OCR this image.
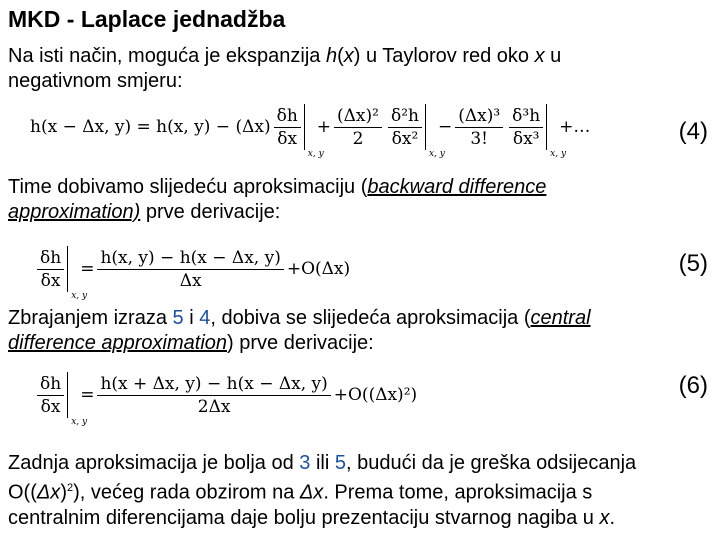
MKD - Laplace jednadžba
Na isti način, moguća je ekspanzija h(x) u Taylorov red oko x u
negativnom smjeru:
h(x − Δx, y) = h(x, $y) - (\Delta x) \frac{\delta h}{\delta x}$
x, y
+ $\frac{\text{(Δx)²}}{2} \frac{\text{δ²h}}{\text{δx²}}$
x, y
− $\frac{\text{(Δx)³}}{3!} \frac{\text{δ³h}}{\text{δx³}}$
x, y
+…	(4)
Time dobivamo slijedeću aproksimaciju (backward difference approximation) prve derivacije:
$\frac{\delta h}{\delta x}$
x, y
= $\frac{h(x, y) - h(x - \Delta x, y)}{\Delta x} +O(\Delta x)$	(5)
Zbrajanjem izraza 5 i 4, dobiva se slijedeća aproksimacija (central
difference approximation) prve derivacije:
$\frac{\delta h}{\delta x}$
x, y
= $\frac{h(x + \Delta x, y) - h(x - \Delta x, y)}{2\Delta x} +O((\Delta x)^2)$	(6)
Zadnja aproksimacija je bolja od 3 ili 5, budući da je greška odsijecanja
$O((\Delta x)^2)$, većeg rada obzirom na Δx. Prema tome, aproksimacija s
centralnim diferencijama daje bolju prezentaciju stvarnog nagiba u x.
